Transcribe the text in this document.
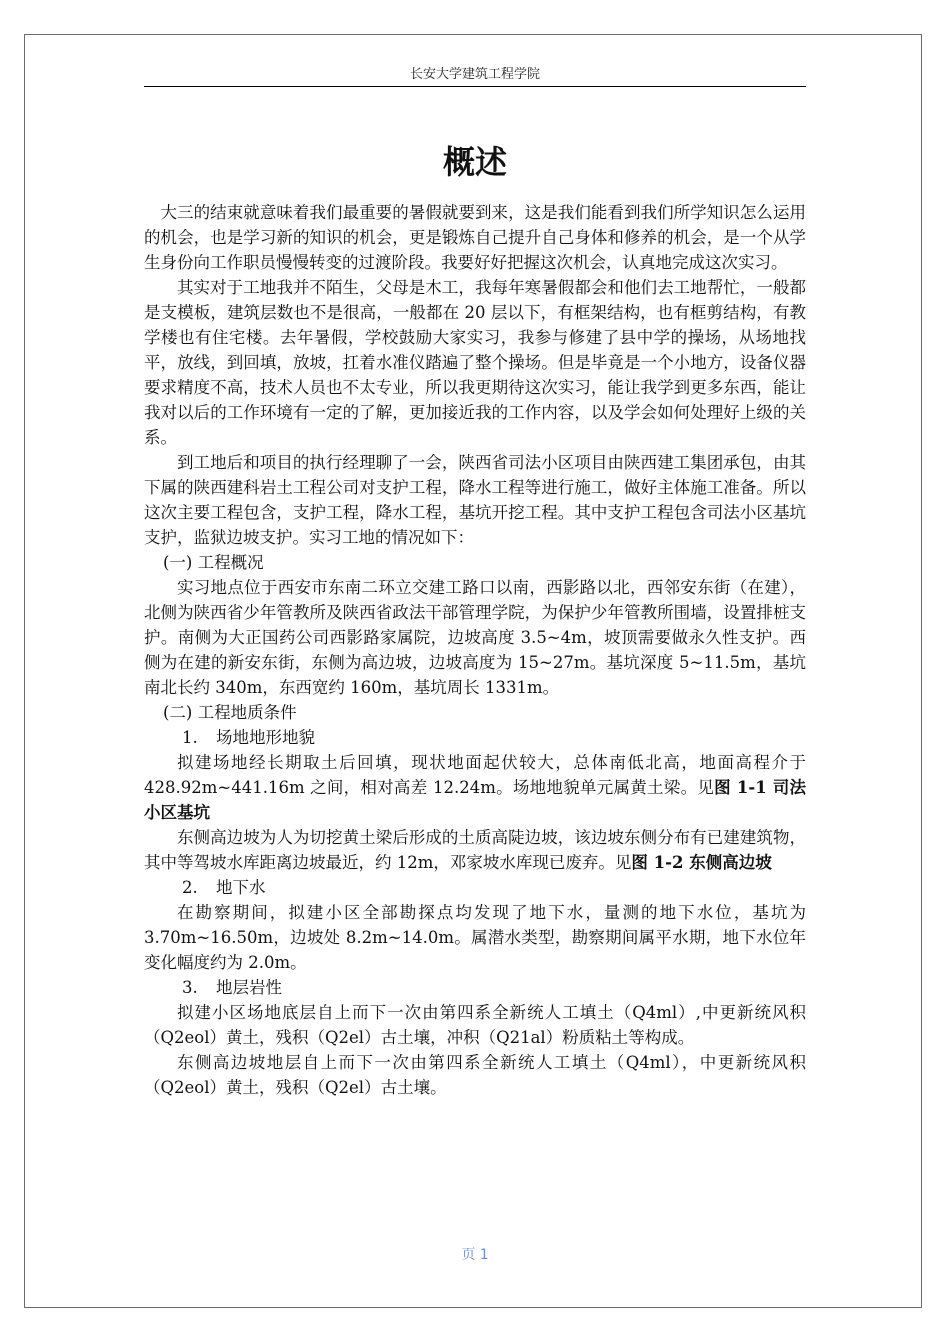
长安大学建筑工程学院
概述

大三的结束就意味着我们最重要的暑假就要到来，这是我们能看到我们所学知识怎么运用的机会，也是学习新的知识的机会，更是锻炼自己提升自己身体和修养的机会，是一个从学生身份向工作职员慢慢转变的过渡阶段。我要好好把握这次机会，认真地完成这次实习。

其实对于工地我并不陌生，父母是木工，我每年寒暑假都会和他们去工地帮忙，一般都是支模板，建筑层数也不是很高，一般都在 20 层以下，有框架结构，也有框剪结构，有教学楼也有住宅楼。去年暑假，学校鼓励大家实习，我参与修建了县中学的操场，从场地找平，放线，到回填，放坡，扛着水准仪踏遍了整个操场。但是毕竟是一个小地方，设备仪器要求精度不高，技术人员也不太专业，所以我更期待这次实习，能让我学到更多东西，能让我对以后的工作环境有一定的了解，更加接近我的工作内容，以及学会如何处理好上级的关系。

到工地后和项目的执行经理聊了一会，陕西省司法小区项目由陕西建工集团承包，由其下属的陕西建科岩土工程公司对支护工程，降水工程等进行施工，做好主体施工准备。所以这次主要工程包含，支护工程，降水工程，基坑开挖工程。其中支护工程包含司法小区基坑支护，监狱边坡支护。实习工地的情况如下：

(一) 工程概况

实习地点位于西安市东南二环立交建工路口以南，西影路以北，西邻安东街（在建），北侧为陕西省少年管教所及陕西省政法干部管理学院，为保护少年管教所围墙，设置排桩支护。南侧为大正国药公司西影路家属院，边坡高度 3.5~4m，坡顶需要做永久性支护。西侧为在建的新安东街，东侧为高边坡，边坡高度为 15~27m。基坑深度 5~11.5m，基坑南北长约 340m，东西宽约 160m，基坑周长 1331m。

(二) 工程地质条件

1. 场地地形地貌

拟建场地经长期取土后回填，现状地面起伏较大，总体南低北高，地面高程介于 428.92m~441.16m 之间，相对高差 12.24m。场地地貌单元属黄土梁。见图 1-1 司法小区基坑

东侧高边坡为人为切挖黄土梁后形成的土质高陡边坡，该边坡东侧分布有已建建筑物，其中等驾坡水库距离边坡最近，约 12m，邓家坡水库现已废弃。见图 1-2 东侧高边坡

2. 地下水

在勘察期间，拟建小区全部勘探点均发现了地下水，量测的地下水位，基坑为 3.70m~16.50m，边坡处 8.2m~14.0m。属潜水类型，勘察期间属平水期，地下水位年变化幅度约为 2.0m。

3. 地层岩性

拟建小区场地底层自上而下一次由第四系全新统人工填土（Q4ml）,中更新统风积（Q2eol）黄土，残积（Q2el）古土壤，冲积（Q21al）粉质粘土等构成。

东侧高边坡地层自上而下一次由第四系全新统人工填土（Q4ml），中更新统风积（Q2eol）黄土，残积（Q2el）古土壤。

页 1
